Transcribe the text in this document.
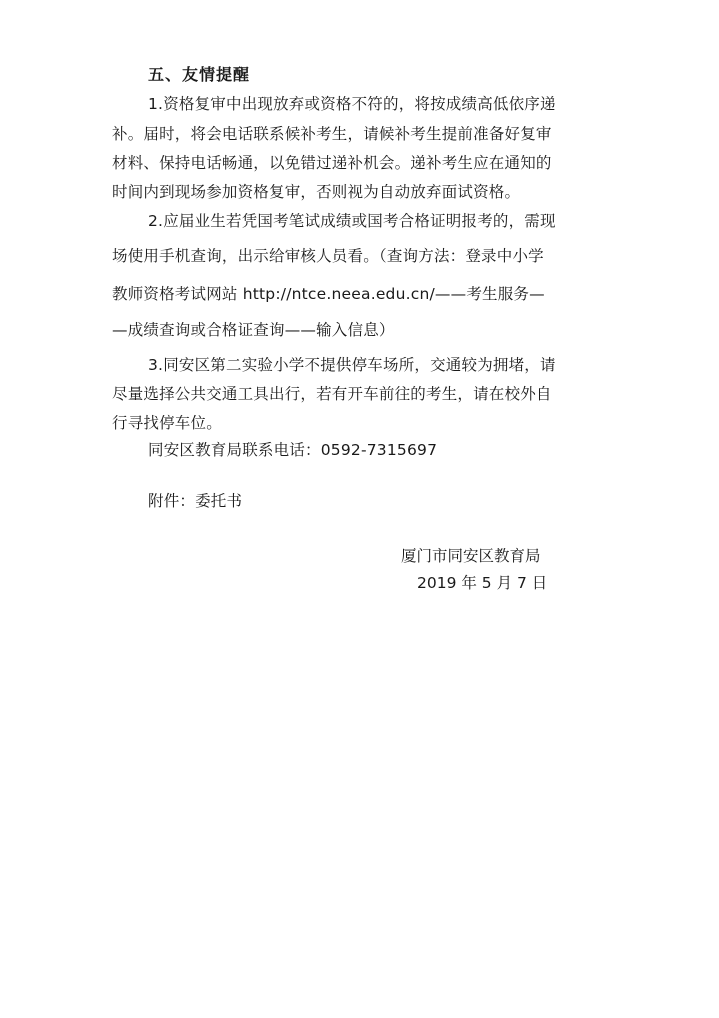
五、友情提醒
1.资格复审中出现放弃或资格不符的，将按成绩高低依序递
补。届时，将会电话联系候补考生，请候补考生提前准备好复审
材料、保持电话畅通，以免错过递补机会。递补考生应在通知的
时间内到现场参加资格复审，否则视为自动放弃面试资格。
2.应届业生若凭国考笔试成绩或国考合格证明报考的，需现
场使用手机查询，出示给审核人员看。（查询方法：登录中小学
教师资格考试网站 http://ntce.neea.edu.cn/——考生服务—
—成绩查询或合格证查询——输入信息）
3.同安区第二实验小学不提供停车场所，交通较为拥堵，请
尽量选择公共交通工具出行，若有开车前往的考生，请在校外自
行寻找停车位。
同安区教育局联系电话：0592-7315697
附件：委托书
厦门市同安区教育局
2019 年 5 月 7 日
